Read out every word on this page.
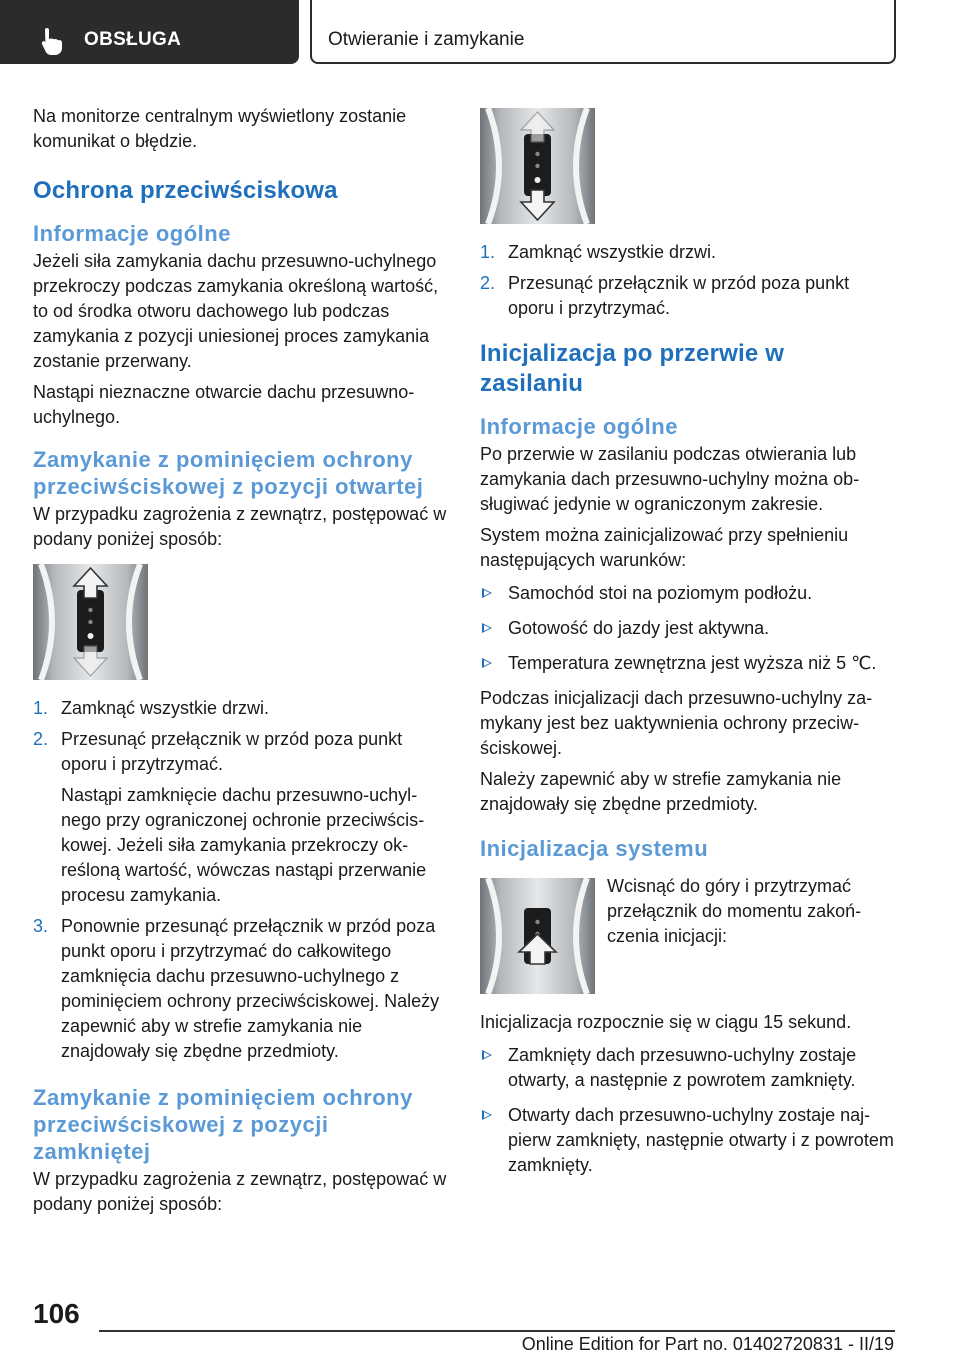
OBSŁUGA	Otwieranie i zamykanie

Na monitorze centralnym wyświetlony zostanie komunikat o błędzie.

Ochrona przeciwściskowa
Informacje ogólne

Jeżeli siła zamykania dachu przesuwno-uchylnego przekroczy podczas zamykania określoną wartość, to od środka otworu dachowego lub podczas zamykania z pozycji uniesionej proces zamykania zostanie przerwany.

Nastąpi nieznaczne otwarcie dachu przesuwno-uchylnego.

Zamykanie z pominięciem ochrony przeciwściskowej z pozycji otwartej

W przypadku zagrożenia z zewnątrz, postępować w podany poniżej sposób:

1. Zamknąć wszystkie drzwi.
2. Przesunąć przełącznik w przód poza punkt oporu i przytrzymać.
Nastąpi zamknięcie dachu przesuwno-uchylnego przy ograniczonej ochronie przeciwściskowej. Jeżeli siła zamykania przekroczy określoną wartość, wówczas nastąpi przerwanie procesu zamykania.
3. Ponownie przesunąć przełącznik w przód poza punkt oporu i przytrzymać do całkowitego zamknięcia dachu przesuwno-uchylnego z pominięciem ochrony przeciwściskowej. Należy zapewnić aby w strefie zamykania nie znajdowały się zbędne przedmioty.
Zamykanie z pominięciem ochrony przeciwściskowej z pozycji zamkniętej

W przypadku zagrożenia z zewnątrz, postępować w podany poniżej sposób:

1. Zamknąć wszystkie drzwi.
2. Przesunąć przełącznik w przód poza punkt oporu i przytrzymać.
Inicjalizacja po przerwie w zasilaniu
Informacje ogólne

Po przerwie w zasilaniu podczas otwierania lub zamykania dach przesuwno-uchylny można obsługiwać jedynie w ograniczonym zakresie.

System można zainicjalizować przy spełnieniu następujących warunków:

Samochód stoi na poziomym podłożu.
Gotowość do jazdy jest aktywna.
Temperatura zewnętrzna jest wyższa niż 5 ℃.

Podczas inicjalizacji dach przesuwno-uchylny zamykany jest bez uaktywnienia ochrony przeciwściskowej.

Należy zapewnić aby w strefie zamykania nie znajdowały się zbędne przedmioty.

Inicjalizacja systemu

Wcisnąć do góry i przytrzymać przełącznik do momentu zakończenia inicjacji:

Inicjalizacja rozpocznie się w ciągu 15 sekund.

Zamknięty dach przesuwno-uchylny zostaje otwarty, a następnie z powrotem zamknięty.
Otwarty dach przesuwno-uchylny zostaje najpierw zamknięty, następnie otwarty i z powrotem zamknięty.
106
Online Edition for Part no. 01402720831 - II/19
